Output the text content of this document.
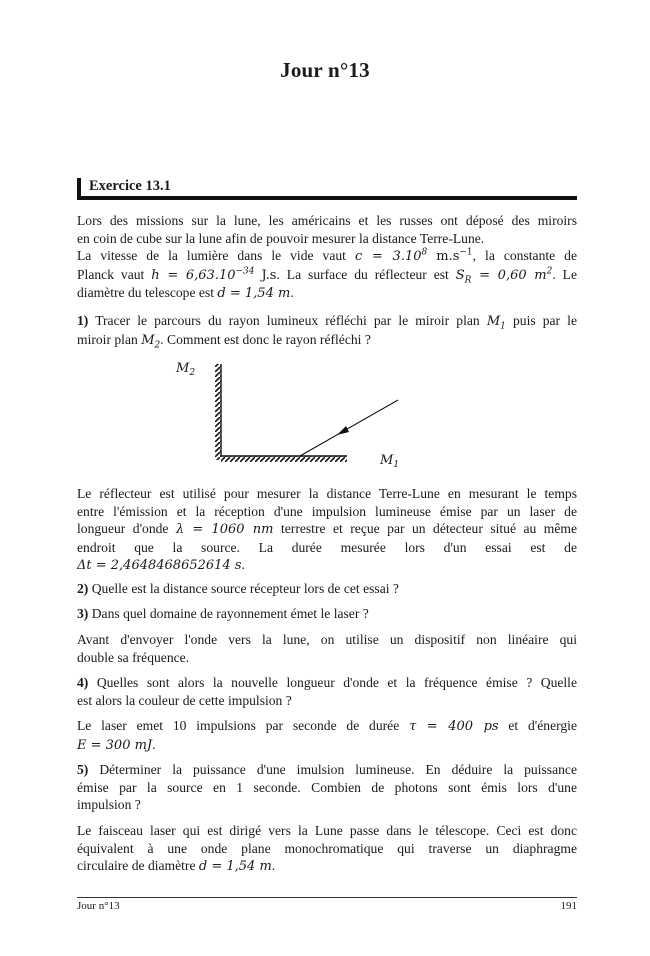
Jour n°13
Exercice 13.1
Lors des missions sur la lune, les américains et les russes ont déposé des miroirs
en coin de cube sur la lune afin de pouvoir mesurer la distance Terre-Lune.
La vitesse de la lumière dans le vide vaut $c = 3.10^8$ $m.s^{-1}$, la constante de
Planck vaut $h = 6,63.10^{-34}$ J.s. La surface du réflecteur est $S_R = 0,60$ $m^2$. Le
diamètre du telescope est d = 1,54 m.
1) Tracer le parcours du rayon lumineux réfléchi par le miroir plan $M_1$ puis par le
miroir plan $M_2$. Comment est donc le rayon réfléchi ?
$M_2$
$M_1$
Le réflecteur est utilisé pour mesurer la distance Terre-Lune en mesurant le temps
entre l'émission et la réception d'une impulsion lumineuse émise par un laser de
longueur d'onde λ = 1060 nm terrestre et reçue par un détecteur situé au même
endroit que la source. La durée mesurée lors d'un essai est de
Δt = 2,4648468652614 s.
2) Quelle est la distance source récepteur lors de cet essai ?
3) Dans quel domaine de rayonnement émet le laser ?
Avant d'envoyer l'onde vers la lune, on utilise un dispositif non linéaire qui
double sa fréquence.
4) Quelles sont alors la nouvelle longueur d'onde et la fréquence émise ? Quelle
est alors la couleur de cette impulsion ?
Le laser emet 10 impulsions par seconde de durée τ = 400 ps et d'énergie
E = 300 mJ.
5) Déterminer la puissance d'une imulsion lumineuse. En déduire la puissance
émise par la source en 1 seconde. Combien de photons sont émis lors d'une
impulsion ?
Le faisceau laser qui est dirigé vers la Lune passe dans le télescope. Ceci est donc
équivalent à une onde plane monochromatique qui traverse un diaphragme
circulaire de diamètre d = 1,54 m.
Jour n°13	191
